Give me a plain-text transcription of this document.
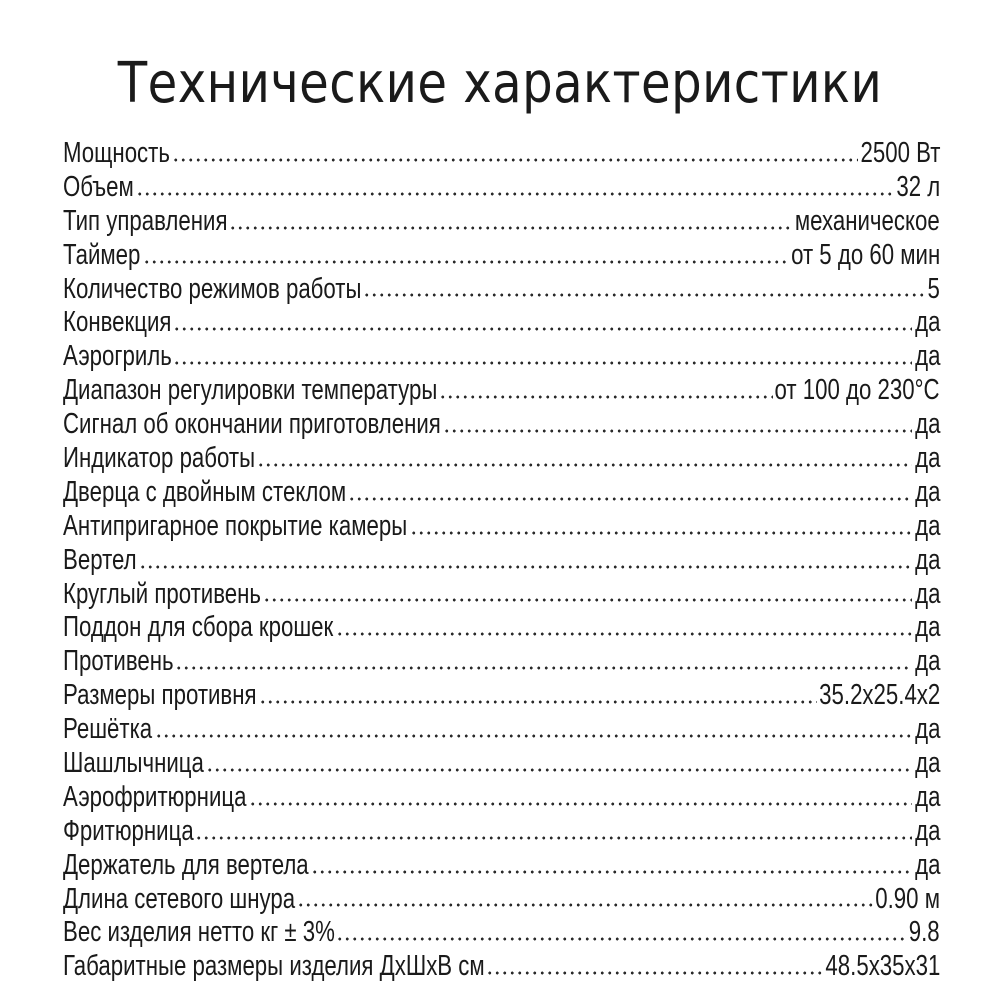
Технические характеристики
Мощность	2500 Вт
Объем	32 л
Тип управления	механическое
Таймер	от 5 до 60 мин
Количество режимов работы	5
Конвекция	да
Аэрогриль	да
Диапазон регулировки температуры	от 100 до 230°С
Сигнал об окончании приготовления	да
Индикатор работы	да
Дверца с двойным стеклом	да
Антипригарное покрытие камеры	да
Вертел	да
Круглый противень	да
Поддон для сбора крошек	да
Противень	да
Размеры противня	35.2х25.4х2
Решётка	да
Шашлычница	да
Аэрофритюрница	да
Фритюрница	да
Держатель для вертела	да
Длина сетевого шнура	0.90 м
Вес изделия нетто кг ± 3%	9.8
Габаритные размеры изделия ДхШхВ см	48.5х35х31
